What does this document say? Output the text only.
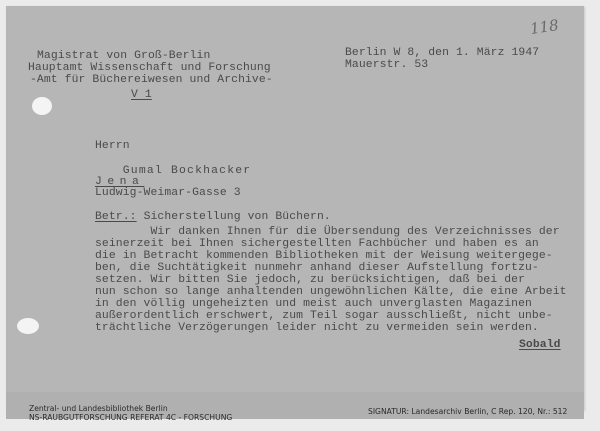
118
Magistrat von Groß-Berlin
Hauptamt Wissenschaft und Forschung
-Amt für Büchereiwesen und Archive-
V 1
Berlin W 8, den 1. März 1947
Mauerstr. 53
Herrn

Gumal Bockhacker

Jena
Ludwig-Weimar-Gasse 3
Betr.: Sicherstellung von Büchern.
Wir danken Ihnen für die Übersendung des Verzeichnisses der
seinerzeit bei Ihnen sichergestellten Fachbücher und haben es an
die in Betracht kommenden Bibliotheken mit der Weisung weitergege-
ben, die Suchtätigkeit nunmehr anhand dieser Aufstellung fortzu-
setzen. Wir bitten Sie jedoch, zu berücksichtigen, daß bei der
nun schon so lange anhaltenden ungewöhnlichen Kälte, die eine Arbeit
in den völlig ungeheizten und meist auch unverglasten Magazinen
außerordentlich erschwert, zum Teil sogar ausschließt, nicht unbe-
trächtliche Verzögerungen leider nicht zu vermeiden sein werden.
Sobald
Zentral- und Landesbibliothek Berlin
NS-RAUBGUTFORSCHUNG REFERAT 4C - FORSCHUNG
SIGNATUR: Landesarchiv Berlin, C Rep. 120, Nr.: 512
